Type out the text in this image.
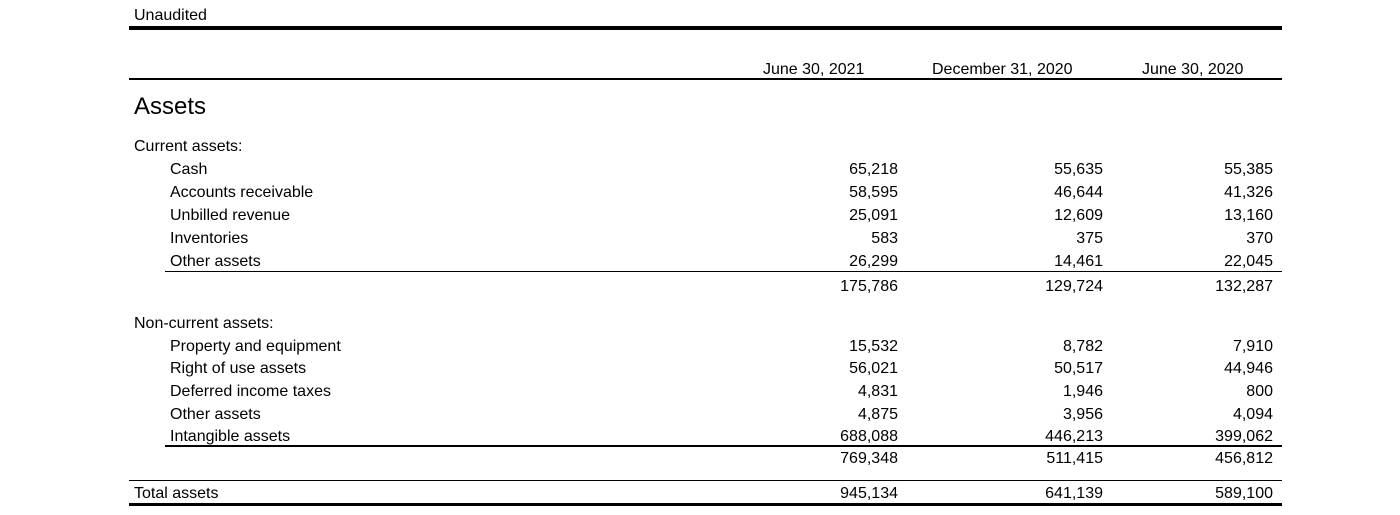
Unaudited
June 30, 2021	December 31, 2020	June 30, 2020
Assets
Current assets:
Cash	65,218	55,635	55,385
Accounts receivable	58,595	46,644	41,326
Unbilled revenue	25,091	12,609	13,160
Inventories	583	375	370
Other assets	26,299	14,461	22,045
175,786	129,724	132,287
Non-current assets:
Property and equipment	15,532	8,782	7,910
Right of use assets	56,021	50,517	44,946
Deferred income taxes	4,831	1,946	800
Other assets	4,875	3,956	4,094
Intangible assets	688,088	446,213	399,062
769,348	511,415	456,812
Total assets	945,134	641,139	589,100
